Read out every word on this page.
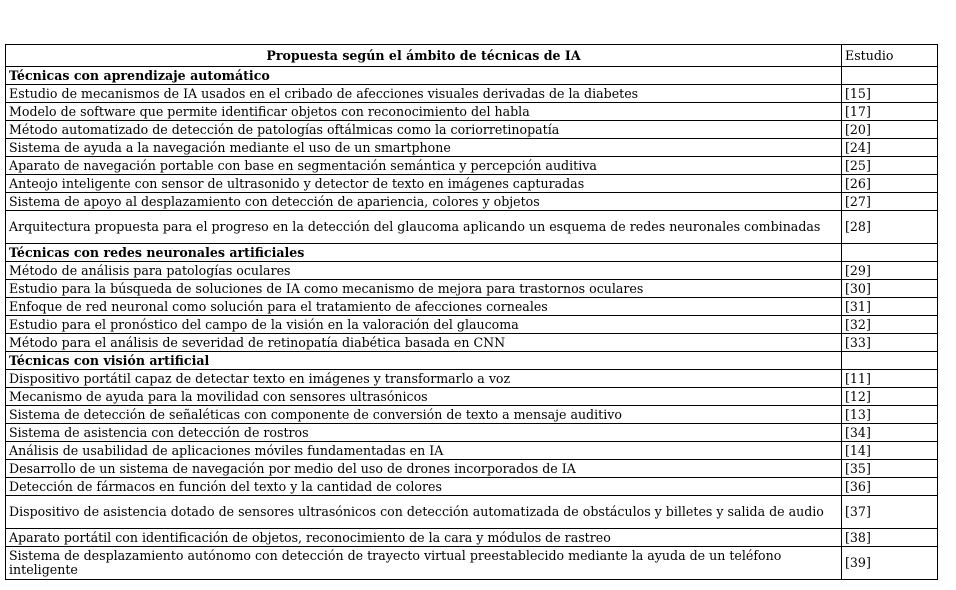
Propuesta según el ámbito de técnicas de IA	Estudio
Técnicas con aprendizaje automático	
Estudio de mecanismos de IA usados en el cribado de afecciones visuales derivadas de la diabetes	[15]
Modelo de software que permite identificar objetos con reconocimiento del habla	[17]
Método automatizado de detección de patologías oftálmicas como la coriorretinopatía	[20]
Sistema de ayuda a la navegación mediante el uso de un smartphone	[24]
Aparato de navegación portable con base en segmentación semántica y percepción auditiva	[25]
Anteojo inteligente con sensor de ultrasonido y detector de texto en imágenes capturadas	[26]
Sistema de apoyo al desplazamiento con detección de apariencia, colores y objetos	[27]
Arquitectura propuesta para el progreso en la detección del glaucoma aplicando un esquema de redes neuronales combinadas	[28]
Técnicas con redes neuronales artificiales	
Método de análisis para patologías oculares	[29]
Estudio para la búsqueda de soluciones de IA como mecanismo de mejora para trastornos oculares	[30]
Enfoque de red neuronal como solución para el tratamiento de afecciones corneales	[31]
Estudio para el pronóstico del campo de la visión en la valoración del glaucoma	[32]
Método para el análisis de severidad de retinopatía diabética basada en CNN	[33]
Técnicas con visión artificial	
Dispositivo portátil capaz de detectar texto en imágenes y transformarlo a voz	[11]
Mecanismo de ayuda para la movilidad con sensores ultrasónicos	[12]
Sistema de detección de señaléticas con componente de conversión de texto a mensaje auditivo	[13]
Sistema de asistencia con detección de rostros	[34]
Análisis de usabilidad de aplicaciones móviles fundamentadas en IA	[14]
Desarrollo de un sistema de navegación por medio del uso de drones incorporados de IA	[35]
Detección de fármacos en función del texto y la cantidad de colores	[36]
Dispositivo de asistencia dotado de sensores ultrasónicos con detección automatizada de obstáculos y billetes y salida de audio	[37]
Aparato portátil con identificación de objetos, reconocimiento de la cara y módulos de rastreo	[38]
Sistema de desplazamiento autónomo con detección de trayecto virtual preestablecido mediante la ayuda de un teléfono inteligente	[39]
